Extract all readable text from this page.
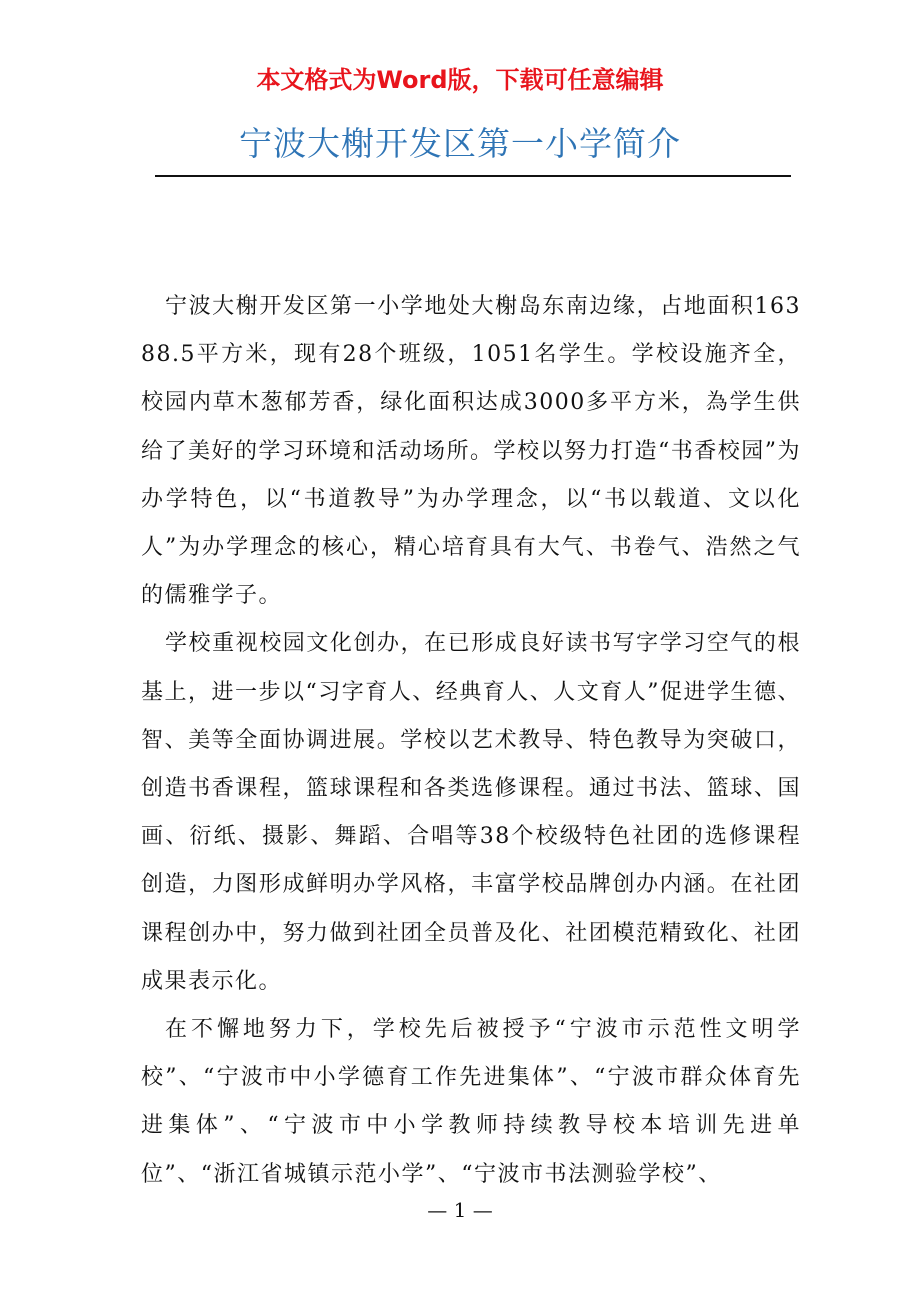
本文格式为Word版，下载可任意编辑
宁波大榭开发区第一小学简介

宁波大榭开发区第一小学地处大榭岛东南边缘，占地面积16388.5平方米，现有28个班级，1051名学生。学校设施齐全，校园内草木葱郁芳香，绿化面积达成3000多平方米，為学生供给了美好的学习环境和活动场所。学校以努力打造“书香校园”为办学特色，以“书道教导”为办学理念，以“书以载道、文以化人”为办学理念的核心，精心培育具有大气、书卷气、浩然之气的儒雅学子。

学校重视校园文化创办，在已形成良好读书写字学习空气的根基上，进一步以“习字育人、经典育人、人文育人”促进学生德、智、美等全面协调进展。学校以艺术教导、特色教导为突破口，创造书香课程，篮球课程和各类选修课程。通过书法、篮球、国画、衍纸、摄影、舞蹈、合唱等38个校级特色社团的选修课程创造，力图形成鲜明办学风格，丰富学校品牌创办内涵。在社团课程创办中，努力做到社团全员普及化、社团模范精致化、社团成果表示化。

在不懈地努力下，学校先后被授予“宁波市示范性文明学校”、“宁波市中小学德育工作先进集体”、“宁波市群众体育先进集体”、“宁波市中小学教师持续教导校本培训先进单位”、“浙江省城镇示范小学”、“宁波市书法测验学校”、

— 1 —
